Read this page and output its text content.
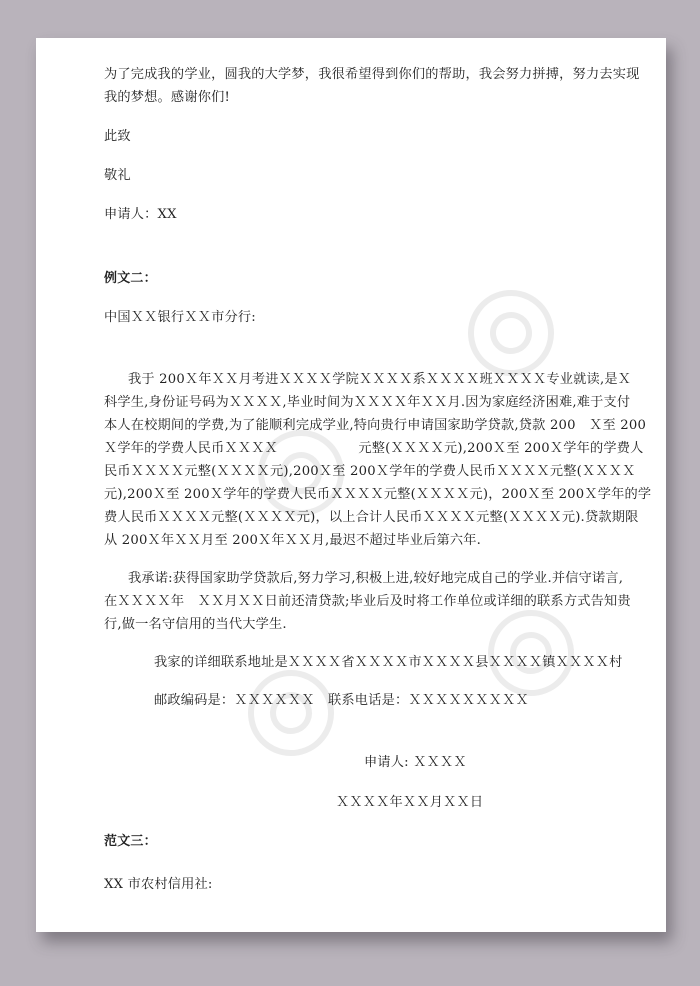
为了完成我的学业，圆我的大学梦，我很希望得到你们的帮助，我会努力拼搏，努力去实现
我的梦想。感谢你们!
此致
敬礼
申请人：XX
例文二：
中国ＸＸ银行ＸＸ市分行:
我于 200Ｘ年ＸＸ月考进ＸＸＸＸ学院ＸＸＸＸ系ＸＸＸＸ班ＸＸＸＸ专业就读,是Ｘ
科学生,身份证号码为ＸＸＸＸ,毕业时间为ＸＸＸＸ年ＸＸ月.因为家庭经济困难,难于支付
本人在校期间的学费,为了能顺利完成学业,特向贵行申请国家助学贷款,贷款 200　Ｘ至 200
Ｘ学年的学费人民币ＸＸＸＸ　　　　　　元整(ＸＸＸＸ元),200Ｘ至 200Ｘ学年的学费人
民币ＸＸＸＸ元整(ＸＸＸＸ元),200Ｘ至 200Ｘ学年的学费人民币ＸＸＸＸ元整(ＸＸＸＸ
元),200Ｘ至 200Ｘ学年的学费人民币ＸＸＸＸ元整(ＸＸＸＸ元)，200Ｘ至 200Ｘ学年的学
费人民币ＸＸＸＸ元整(ＸＸＸＸ元)，以上合计人民币ＸＸＸＸ元整(ＸＸＸＸ元).贷款期限
从 200Ｘ年ＸＸ月至 200Ｘ年ＸＸ月,最迟不超过毕业后第六年.
我承诺:获得国家助学贷款后,努力学习,积极上进,较好地完成自己的学业.并信守诺言,
在ＸＸＸＸ年　ＸＸ月ＸＸ日前还清贷款;毕业后及时将工作单位或详细的联系方式告知贵
行,做一名守信用的当代大学生.
我家的详细联系地址是ＸＸＸＸ省ＸＸＸＸ市ＸＸＸＸ县ＸＸＸＸ镇ＸＸＸＸ村
邮政编码是：ＸＸＸＸＸＸ　联系电话是：ＸＸＸＸＸＸＸＸＸ
申请人: ＸＸＸＸ
ＸＸＸＸ年ＸＸ月ＸＸ日
范文三：
XX 市农村信用社:
